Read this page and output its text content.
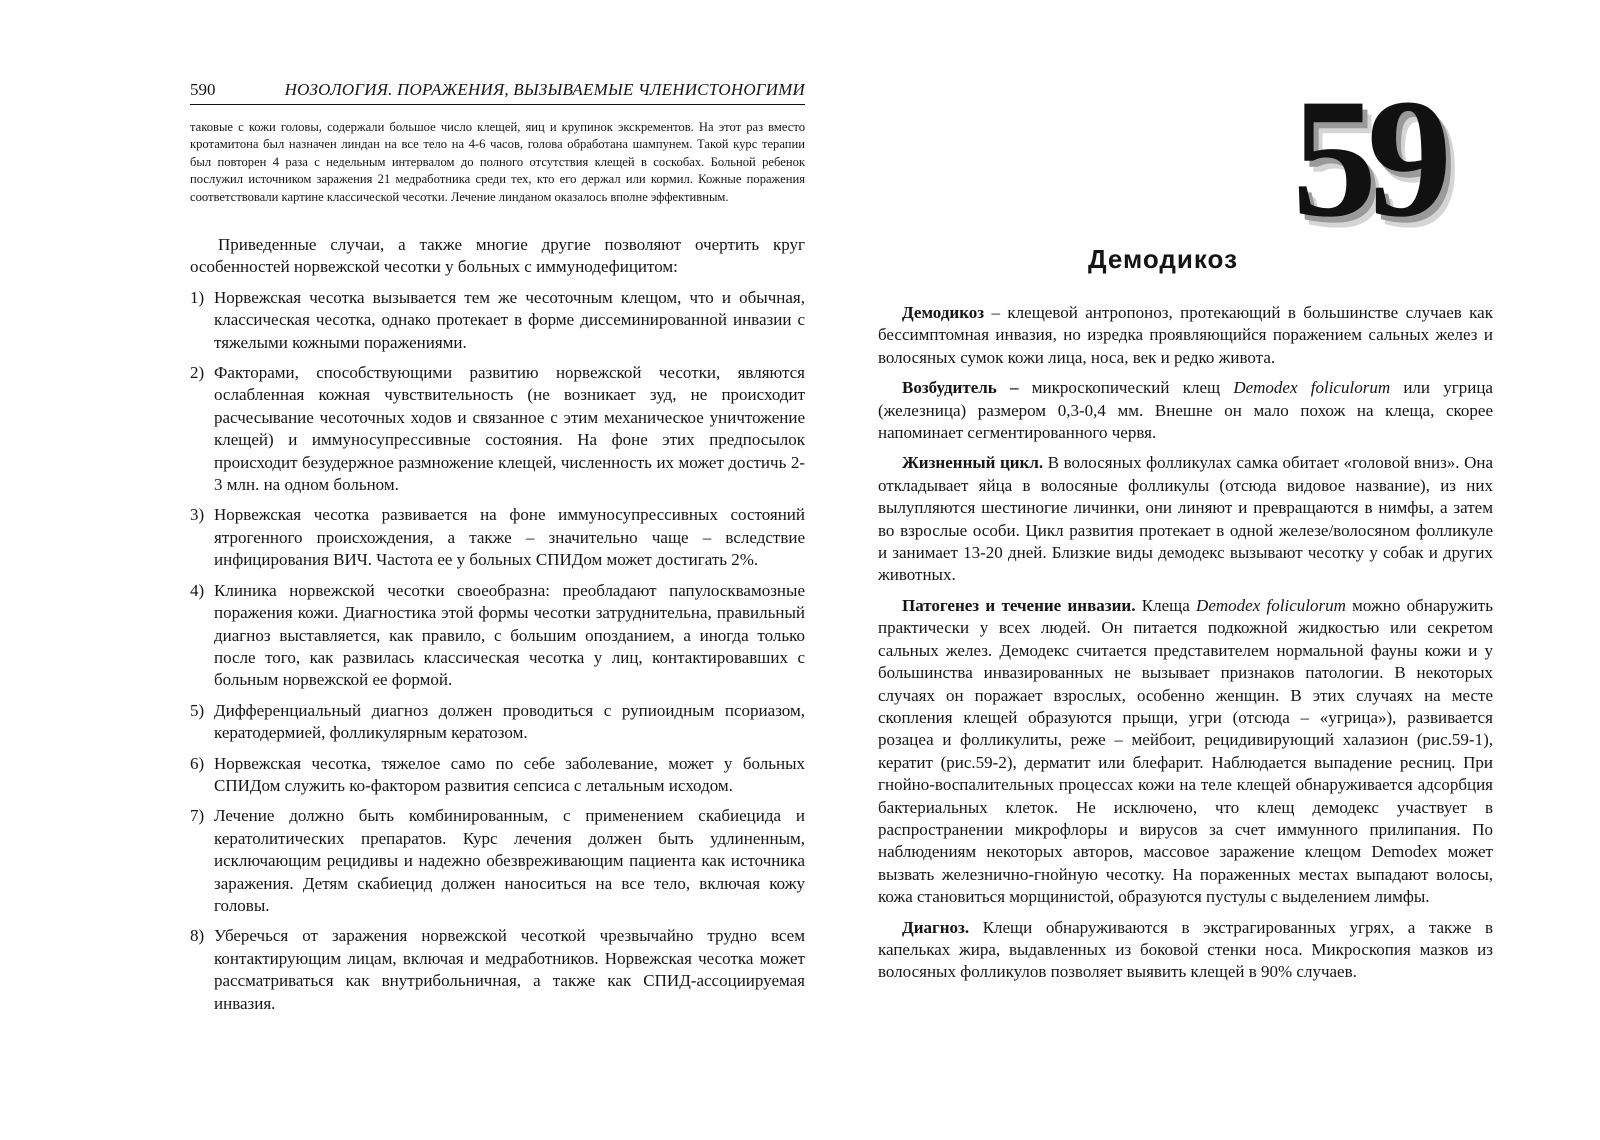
590	НОЗОЛОГИЯ. ПОРАЖЕНИЯ, ВЫЗЫВАЕМЫЕ ЧЛЕНИСТОНОГИМИ

таковые с кожи головы, содержали большое число клещей, яиц и крупинок экскрементов. На этот раз вместо кротамитона был назначен линдан на все тело на 4-6 часов, голова обработана шампунем. Такой курс терапии был повторен 4 раза с недельным интервалом до полного отсутствия клещей в соскобах. Больной ребенок послужил источником заражения 21 медработника среди тех, кто его держал или кормил. Кожные поражения соответствовали картине классической чесотки. Лечение линданом оказалось вполне эффективным.

Приведенные случаи, а также многие другие позволяют очертить круг особенностей норвежской чесотки у больных с иммунодефицитом:

1) Норвежская чесотка вызывается тем же чесоточным клещом, что и обычная, классическая чесотка, однако протекает в форме диссеминированной инвазии с тяжелыми кожными поражениями.
2) Факторами, способствующими развитию норвежской чесотки, являются ослабленная кожная чувствительность (не возникает зуд, не происходит расчесывание чесоточных ходов и связанное с этим механическое уничтожение клещей) и иммуносупрессивные состояния. На фоне этих предпосылок происходит безудержное размножение клещей, численность их может достичь 2-3 млн. на одном больном.
3) Норвежская чесотка развивается на фоне иммуносупрессивных состояний ятрогенного происхождения, а также – значительно чаще – вследствие инфицирования ВИЧ. Частота ее у больных СПИДом может достигать 2%.
4) Клиника норвежской чесотки своеобразна: преобладают папулосквамозные поражения кожи. Диагностика этой формы чесотки затруднительна, правильный диагноз выставляется, как правило, с большим опозданием, а иногда только после того, как развилась классическая чесотка у лиц, контактировавших с больным норвежской ее формой.
5) Дифференциальный диагноз должен проводиться с рупиоидным псориазом, кератодермией, фолликулярным кератозом.
6) Норвежская чесотка, тяжелое само по себе заболевание, может у больных СПИДом служить ко-фактором развития сепсиса с летальным исходом.
7) Лечение должно быть комбинированным, с применением скабиецида и кератолитических препаратов. Курс лечения должен быть удлиненным, исключающим рецидивы и надежно обезвреживающим пациента как источника заражения. Детям скабиецид должен наноситься на все тело, включая кожу головы.
8) Уберечься от заражения норвежской чесоткой чрезвычайно трудно всем контактирующим лицам, включая и медработников. Норвежская чесотка может рассматриваться как внутрибольничная, а также как СПИД-ассоциируемая инвазия.
59
Демодикоз

Демодикоз – клещевой антропоноз, протекающий в большинстве случаев как бессимптомная инвазия, но изредка проявляющийся поражением сальных желез и волосяных сумок кожи лица, носа, век и редко живота.

Возбудитель – микроскопический клещ Demodex foliculorum или угрица (железница) размером 0,3-0,4 мм. Внешне он мало похож на клеща, скорее напоминает сегментированного червя.

Жизненный цикл. В волосяных фолликулах самка обитает «головой вниз». Она откладывает яйца в волосяные фолликулы (отсюда видовое название), из них вылупляются шестиногие личинки, они линяют и превращаются в нимфы, а затем во взрослые особи. Цикл развития протекает в одной железе/волосяном фолликуле и занимает 13-20 дней. Близкие виды демодекс вызывают чесотку у собак и других животных.

Патогенез и течение инвазии. Клеща Demodex foliculorum можно обнаружить практически у всех людей. Он питается подкожной жидкостью или секретом сальных желез. Демодекс считается представителем нормальной фауны кожи и у большинства инвазированных не вызывает признаков патологии. В некоторых случаях он поражает взрослых, особенно женщин. В этих случаях на месте скопления клещей образуются прыщи, угри (отсюда – «угрица»), развивается розацеа и фолликулиты, реже – мейбоит, рецидивирующий халазион (рис.59-1), кератит (рис.59-2), дерматит или блефарит. Наблюдается выпадение ресниц. При гнойно-воспалительных процессах кожи на теле клещей обнаруживается адсорбция бактериальных клеток. Не исключено, что клещ демодекс участвует в распространении микрофлоры и вирусов за счет иммунного прилипания. По наблюдениям некоторых авторов, массовое заражение клещом Demodex может вызвать железнично-гнойную чесотку. На пораженных местах выпадают волосы, кожа становиться морщинистой, образуются пустулы с выделением лимфы.

Диагноз. Клещи обнаруживаются в экстрагированных угрях, а также в капельках жира, выдавленных из боковой стенки носа. Микроскопия мазков из волосяных фолликулов позволяет выявить клещей в 90% случаев.
